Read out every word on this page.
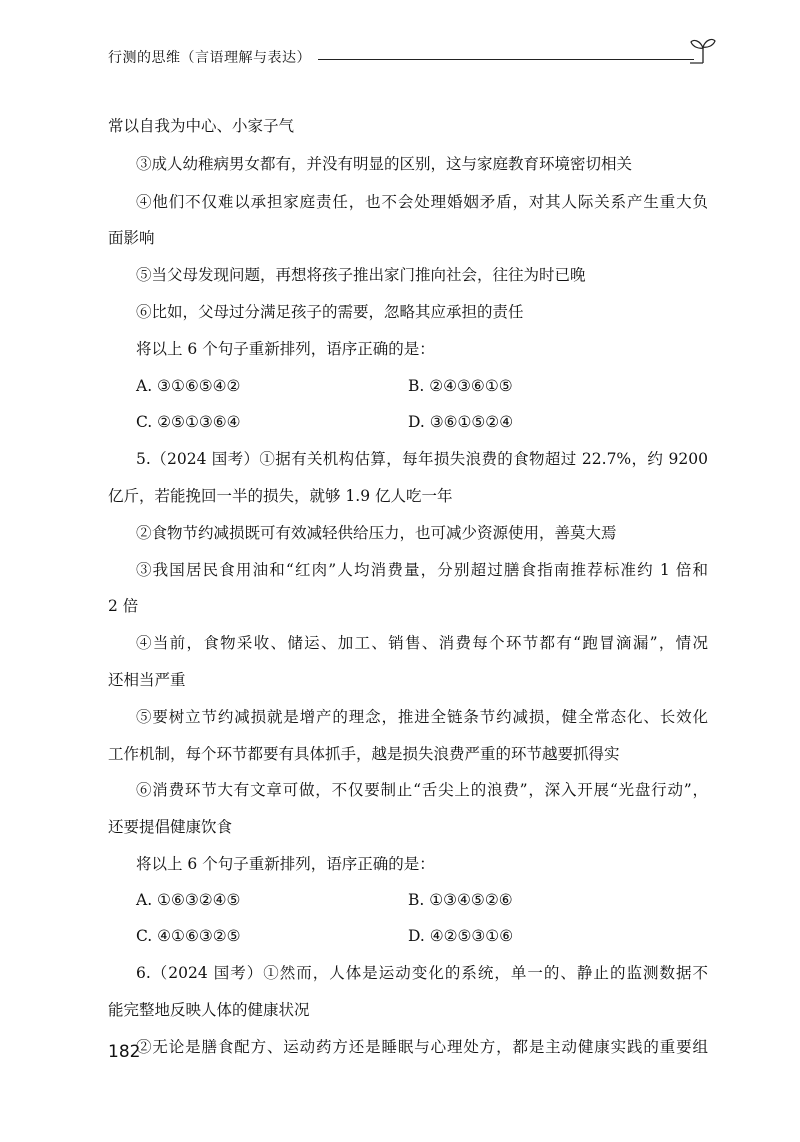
行测的思维（言语理解与表达）
常以自我为中心、小家子气
③成人幼稚病男女都有，并没有明显的区别，这与家庭教育环境密切相关
④他们不仅难以承担家庭责任，也不会处理婚姻矛盾，对其人际关系产生重大负
面影响
⑤当父母发现问题，再想将孩子推出家门推向社会，往往为时已晚
⑥比如，父母过分满足孩子的需要，忽略其应承担的责任
将以上 6 个句子重新排列，语序正确的是：
A. ③①⑥⑤④②	B. ②④③⑥①⑤
C. ②⑤①③⑥④	D. ③⑥①⑤②④
5.（2024 国考）①据有关机构估算，每年损失浪费的食物超过 22.7%，约 9200
亿斤，若能挽回一半的损失，就够 1.9 亿人吃一年
②食物节约减损既可有效减轻供给压力，也可减少资源使用，善莫大焉
③我国居民食用油和“红肉”人均消费量，分别超过膳食指南推荐标准约 1 倍和
2 倍
④当前，食物采收、储运、加工、销售、消费每个环节都有“跑冒滴漏”，情况
还相当严重
⑤要树立节约减损就是增产的理念，推进全链条节约减损，健全常态化、长效化
工作机制，每个环节都要有具体抓手，越是损失浪费严重的环节越要抓得实
⑥消费环节大有文章可做，不仅要制止“舌尖上的浪费”，深入开展“光盘行动”，
还要提倡健康饮食
将以上 6 个句子重新排列，语序正确的是：
A. ①⑥③②④⑤	B. ①③④⑤②⑥
C. ④①⑥③②⑤	D. ④②⑤③①⑥
6.（2024 国考）①然而，人体是运动变化的系统，单一的、静止的监测数据不
能完整地反映人体的健康状况
②无论是膳食配方、运动药方还是睡眠与心理处方，都是主动健康实践的重要组
182
